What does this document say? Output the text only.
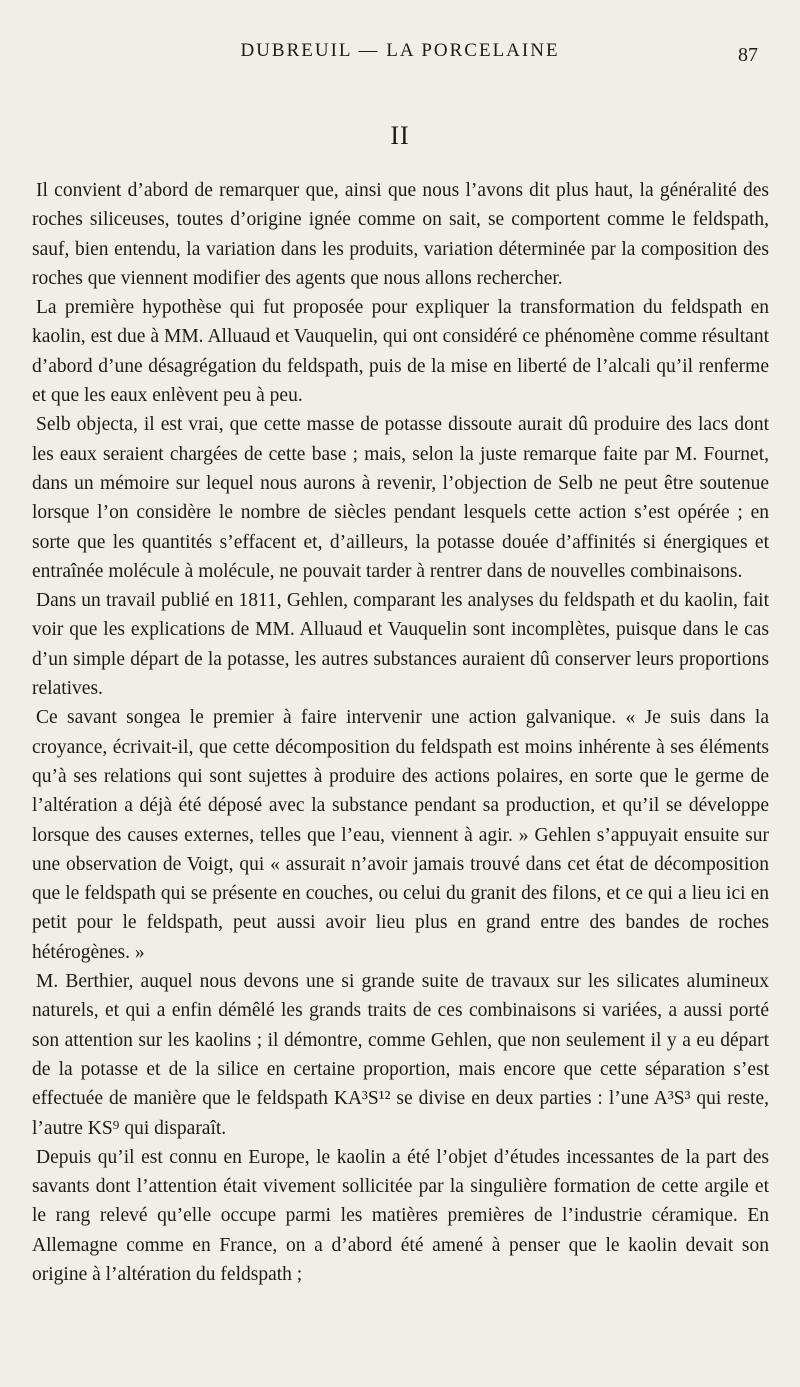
DUBREUIL — LA PORCELAINE	87
II

Il convient d’abord de remarquer que, ainsi que nous l’avons dit plus haut, la généralité des roches siliceuses, toutes d’origine ignée comme on sait, se comportent comme le feldspath, sauf, bien entendu, la variation dans les produits, variation déterminée par la composition des roches que viennent modifier des agents que nous allons rechercher.

La première hypothèse qui fut proposée pour expliquer la transformation du feldspath en kaolin, est due à MM. Alluaud et Vauquelin, qui ont considéré ce phénomène comme résultant d’abord d’une désagrégation du feldspath, puis de la mise en liberté de l’alcali qu’il renferme et que les eaux enlèvent peu à peu.

Selb objecta, il est vrai, que cette masse de potasse dissoute aurait dû produire des lacs dont les eaux seraient chargées de cette base ; mais, selon la juste remarque faite par M. Fournet, dans un mémoire sur lequel nous aurons à revenir, l’objection de Selb ne peut être soutenue lorsque l’on considère le nombre de siècles pendant lesquels cette action s’est opérée ; en sorte que les quantités s’effacent et, d’ailleurs, la potasse douée d’affinités si énergiques et entraînée molécule à molécule, ne pouvait tarder à rentrer dans de nouvelles combinaisons.

Dans un travail publié en 1811, Gehlen, comparant les analyses du feldspath et du kaolin, fait voir que les explications de MM. Alluaud et Vauquelin sont incomplètes, puisque dans le cas d’un simple départ de la potasse, les autres substances auraient dû conserver leurs proportions relatives.

Ce savant songea le premier à faire intervenir une action galvanique. « Je suis dans la croyance, écrivait-il, que cette décomposition du feldspath est moins inhérente à ses éléments qu’à ses relations qui sont sujettes à produire des actions polaires, en sorte que le germe de l’altération a déjà été déposé avec la substance pendant sa production, et qu’il se développe lorsque des causes externes, telles que l’eau, viennent à agir. » Gehlen s’appuyait ensuite sur une observation de Voigt, qui « assurait n’avoir jamais trouvé dans cet état de décomposition que le feldspath qui se présente en couches, ou celui du granit des filons, et ce qui a lieu ici en petit pour le feldspath, peut aussi avoir lieu plus en grand entre des bandes de roches hétérogènes. »

M. Berthier, auquel nous devons une si grande suite de travaux sur les silicates alumineux naturels, et qui a enfin démêlé les grands traits de ces combinaisons si variées, a aussi porté son attention sur les kaolins ; il démontre, comme Gehlen, que non seulement il y a eu départ de la potasse et de la silice en certaine proportion, mais encore que cette séparation s’est effectuée de manière que le feldspath KA³S¹² se divise en deux parties : l’une A³S³ qui reste, l’autre KS⁹ qui disparaît.

Depuis qu’il est connu en Europe, le kaolin a été l’objet d’études incessantes de la part des savants dont l’attention était vivement sollicitée par la singulière formation de cette argile et le rang relevé qu’elle occupe parmi les matières premières de l’industrie céramique. En Allemagne comme en France, on a d’abord été amené à penser que le kaolin devait son origine à l’altération du feldspath ;
